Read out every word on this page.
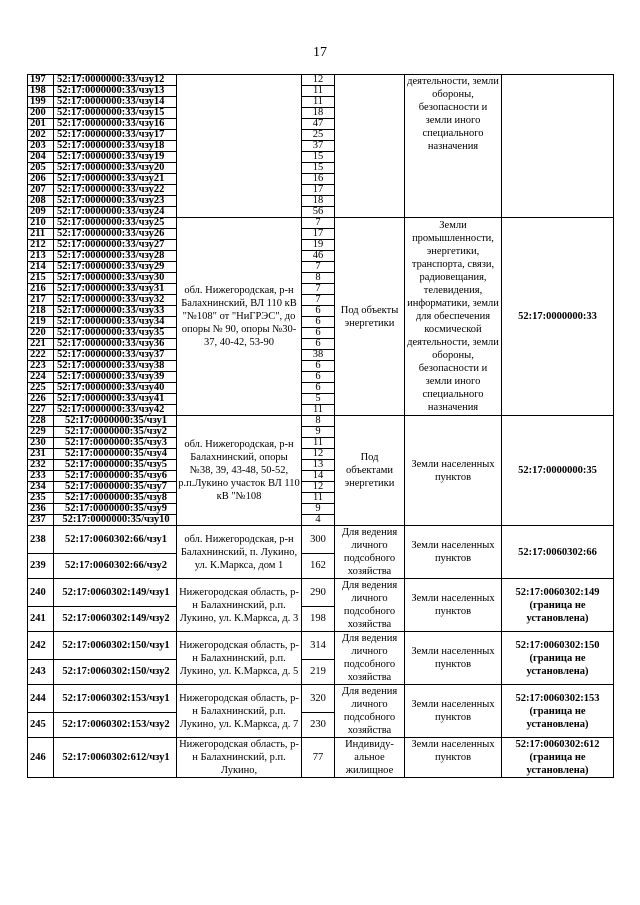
17
197	52:17:0000000:33/чзу12		12		деятельности, земли обороны, безопасности и земли иного специального назначения	
198	52:17:0000000:33/чзу13		11			
199	52:17:0000000:33/чзу14		11			
200	52:17:0000000:33/чзу15		18			
201	52:17:0000000:33/чзу16		47			
202	52:17:0000000:33/чзу17		25			
203	52:17:0000000:33/чзу18		37			
204	52:17:0000000:33/чзу19		15			
205	52:17:0000000:33/чзу20		15			
206	52:17:0000000:33/чзу21		16			
207	52:17:0000000:33/чзу22		17			
208	52:17:0000000:33/чзу23		18			
209	52:17:0000000:33/чзу24		56			
210	52:17:0000000:33/чзу25	обл. Нижегородская, р-н Балахнинский, ВЛ 110 кВ "№108" от "НиГРЭС", до опоры № 90, опоры №30-37, 40-42, 53-90	7	Под объекты энергетики	Земли промышленности, энергетики, транспорта, связи, радиовещания, телевидения, информатики, земли для обеспечения космической деятельности, земли обороны, безопасности и земли иного специального назначения	52:17:0000000:33
211	52:17:0000000:33/чзу26		17			
212	52:17:0000000:33/чзу27		19			
213	52:17:0000000:33/чзу28		46			
214	52:17:0000000:33/чзу29		7			
215	52:17:0000000:33/чзу30		8			
216	52:17:0000000:33/чзу31		7			
217	52:17:0000000:33/чзу32		7			
218	52:17:0000000:33/чзу33		6			
219	52:17:0000000:33/чзу34		6			
220	52:17:0000000:33/чзу35		6			
221	52:17:0000000:33/чзу36		6			
222	52:17:0000000:33/чзу37		38			
223	52:17:0000000:33/чзу38		6			
224	52:17:0000000:33/чзу39		6			
225	52:17:0000000:33/чзу40		6			
226	52:17:0000000:33/чзу41		5			
227	52:17:0000000:33/чзу42		11			
228	52:17:0000000:35/чзу1	обл. Нижегородская, р-н Балахнинский, опоры №38, 39, 43-48, 50-52, р.п.Лукино участок ВЛ 110 кВ "№108	8	Под объектами энергетики	Земли населенных пунктов	52:17:0000000:35
229	52:17:0000000:35/чзу2		9			
230	52:17:0000000:35/чзу3		11			
231	52:17:0000000:35/чзу4		12			
232	52:17:0000000:35/чзу5		13			
233	52:17:0000000:35/чзу6		14			
234	52:17:0000000:35/чзу7		12			
235	52:17:0000000:35/чзу8		11			
236	52:17:0000000:35/чзу9		9			
237	52:17:0000000:35/чзу10		4			
238	52:17:0060302:66/чзу1	обл. Нижегородская, р-н Балахнинский, п. Лукино, ул. К.Маркса, дом 1	300	Для ведения личного подсобного хозяйства	Земли населенных пунктов	52:17:0060302:66

239	52:17:0060302:66/чзу2		162			
240	52:17:0060302:149/чзу1	Нижегородская область, р-н Балахнинский, р.п. Лукино, ул. К.Маркса, д. 3	290	Для ведения личного подсобного хозяйства	Земли населенных пунктов	52:17:0060302:149
(граница не установлена)

241	52:17:0060302:149/чзу2		198			
242	52:17:0060302:150/чзу1	Нижегородская область, р-н Балахнинский, р.п. Лукино, ул. К.Маркса, д. 5	314	Для ведения личного подсобного хозяйства	Земли населенных пунктов	52:17:0060302:150
(граница не установлена)

243	52:17:0060302:150/чзу2		219			
244	52:17:0060302:153/чзу1	Нижегородская область, р-н Балахнинский, р.п. Лукино, ул. К.Маркса, д. 7	320	Для ведения личного подсобного хозяйства	Земли населенных пунктов	52:17:0060302:153
(граница не установлена)

245	52:17:0060302:153/чзу2		230			
246	52:17:0060302:612/чзу1	Нижегородская область, р-н Балахнинский, р.п. Лукино,	77	Индивиду-альное жилищное	Земли населенных пунктов	52:17:0060302:612
(граница не установлена)
